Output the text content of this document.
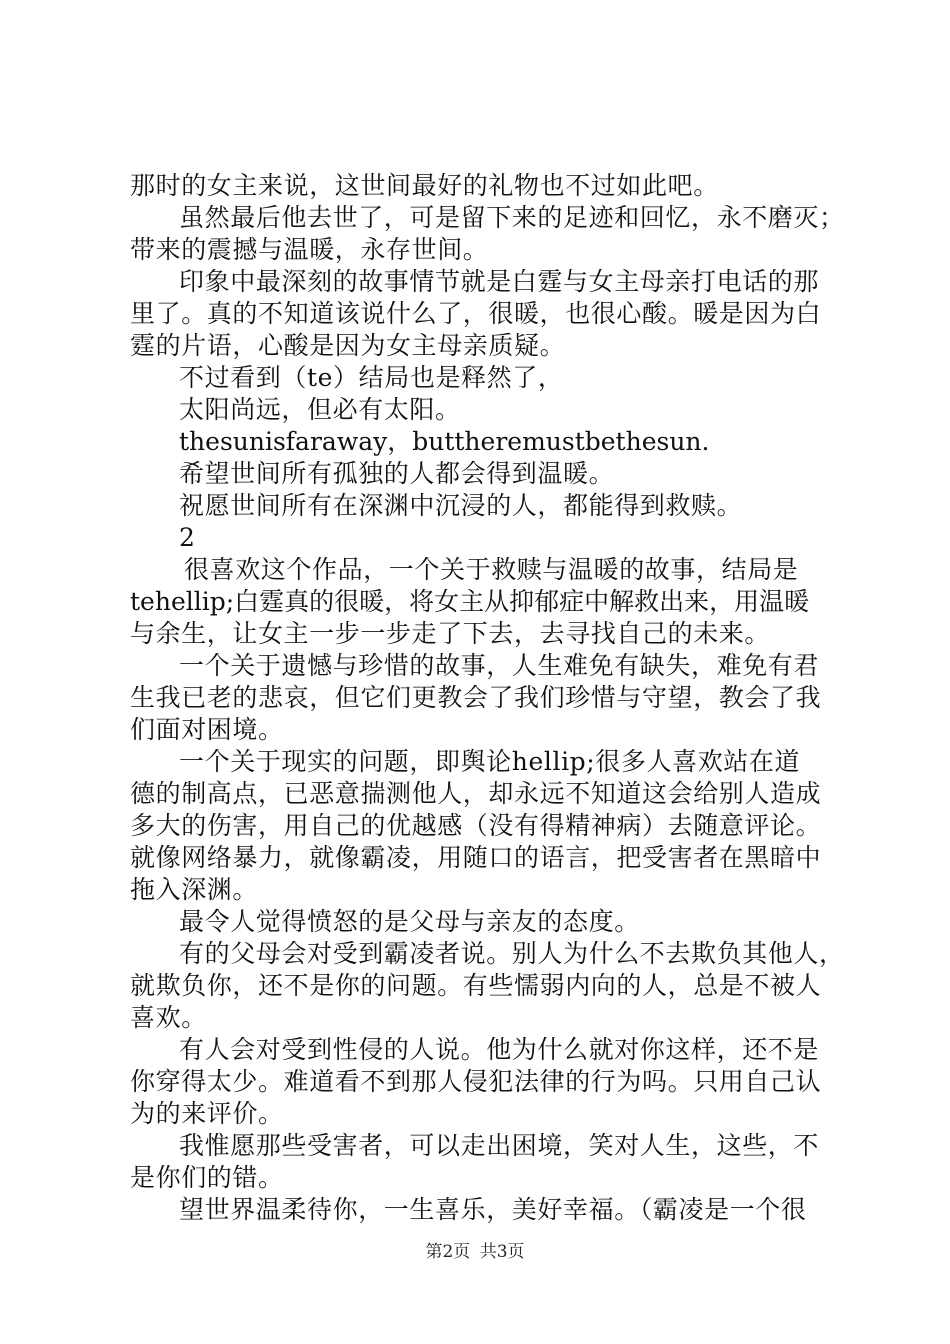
那时的女主来说，这世间最好的礼物也不过如此吧。
虽然最后他去世了，可是留下来的足迹和回忆，永不磨灭；
带来的震撼与温暖，永存世间。
印象中最深刻的故事情节就是白霆与女主母亲打电话的那
里了。真的不知道该说什么了，很暖，也很心酸。暖是因为白
霆的片语，心酸是因为女主母亲质疑。
不过看到（te）结局也是释然了，
太阳尚远，但必有太阳。
thesunisfaraway，buttheremustbethesun.
希望世间所有孤独的人都会得到温暖。
祝愿世间所有在深渊中沉浸的人，都能得到救赎。
2
很喜欢这个作品，一个关于救赎与温暖的故事，结局是
tehellip;白霆真的很暖，将女主从抑郁症中解救出来，用温暖
与余生，让女主一步一步走了下去，去寻找自己的未来。
一个关于遗憾与珍惜的故事，人生难免有缺失，难免有君
生我已老的悲哀，但它们更教会了我们珍惜与守望，教会了我
们面对困境。
一个关于现实的问题，即舆论hellip;很多人喜欢站在道
德的制高点，已恶意揣测他人，却永远不知道这会给别人造成
多大的伤害，用自己的优越感（没有得精神病）去随意评论。
就像网络暴力，就像霸凌，用随口的语言，把受害者在黑暗中
拖入深渊。
最令人觉得愤怒的是父母与亲友的态度。
有的父母会对受到霸凌者说。别人为什么不去欺负其他人，
就欺负你，还不是你的问题。有些懦弱内向的人，总是不被人
喜欢。
有人会对受到性侵的人说。他为什么就对你这样，还不是
你穿得太少。难道看不到那人侵犯法律的行为吗。只用自己认
为的来评价。
我惟愿那些受害者，可以走出困境，笑对人生，这些，不
是你们的错。
望世界温柔待你，一生喜乐，美好幸福。（霸凌是一个很
第2页 共3页
